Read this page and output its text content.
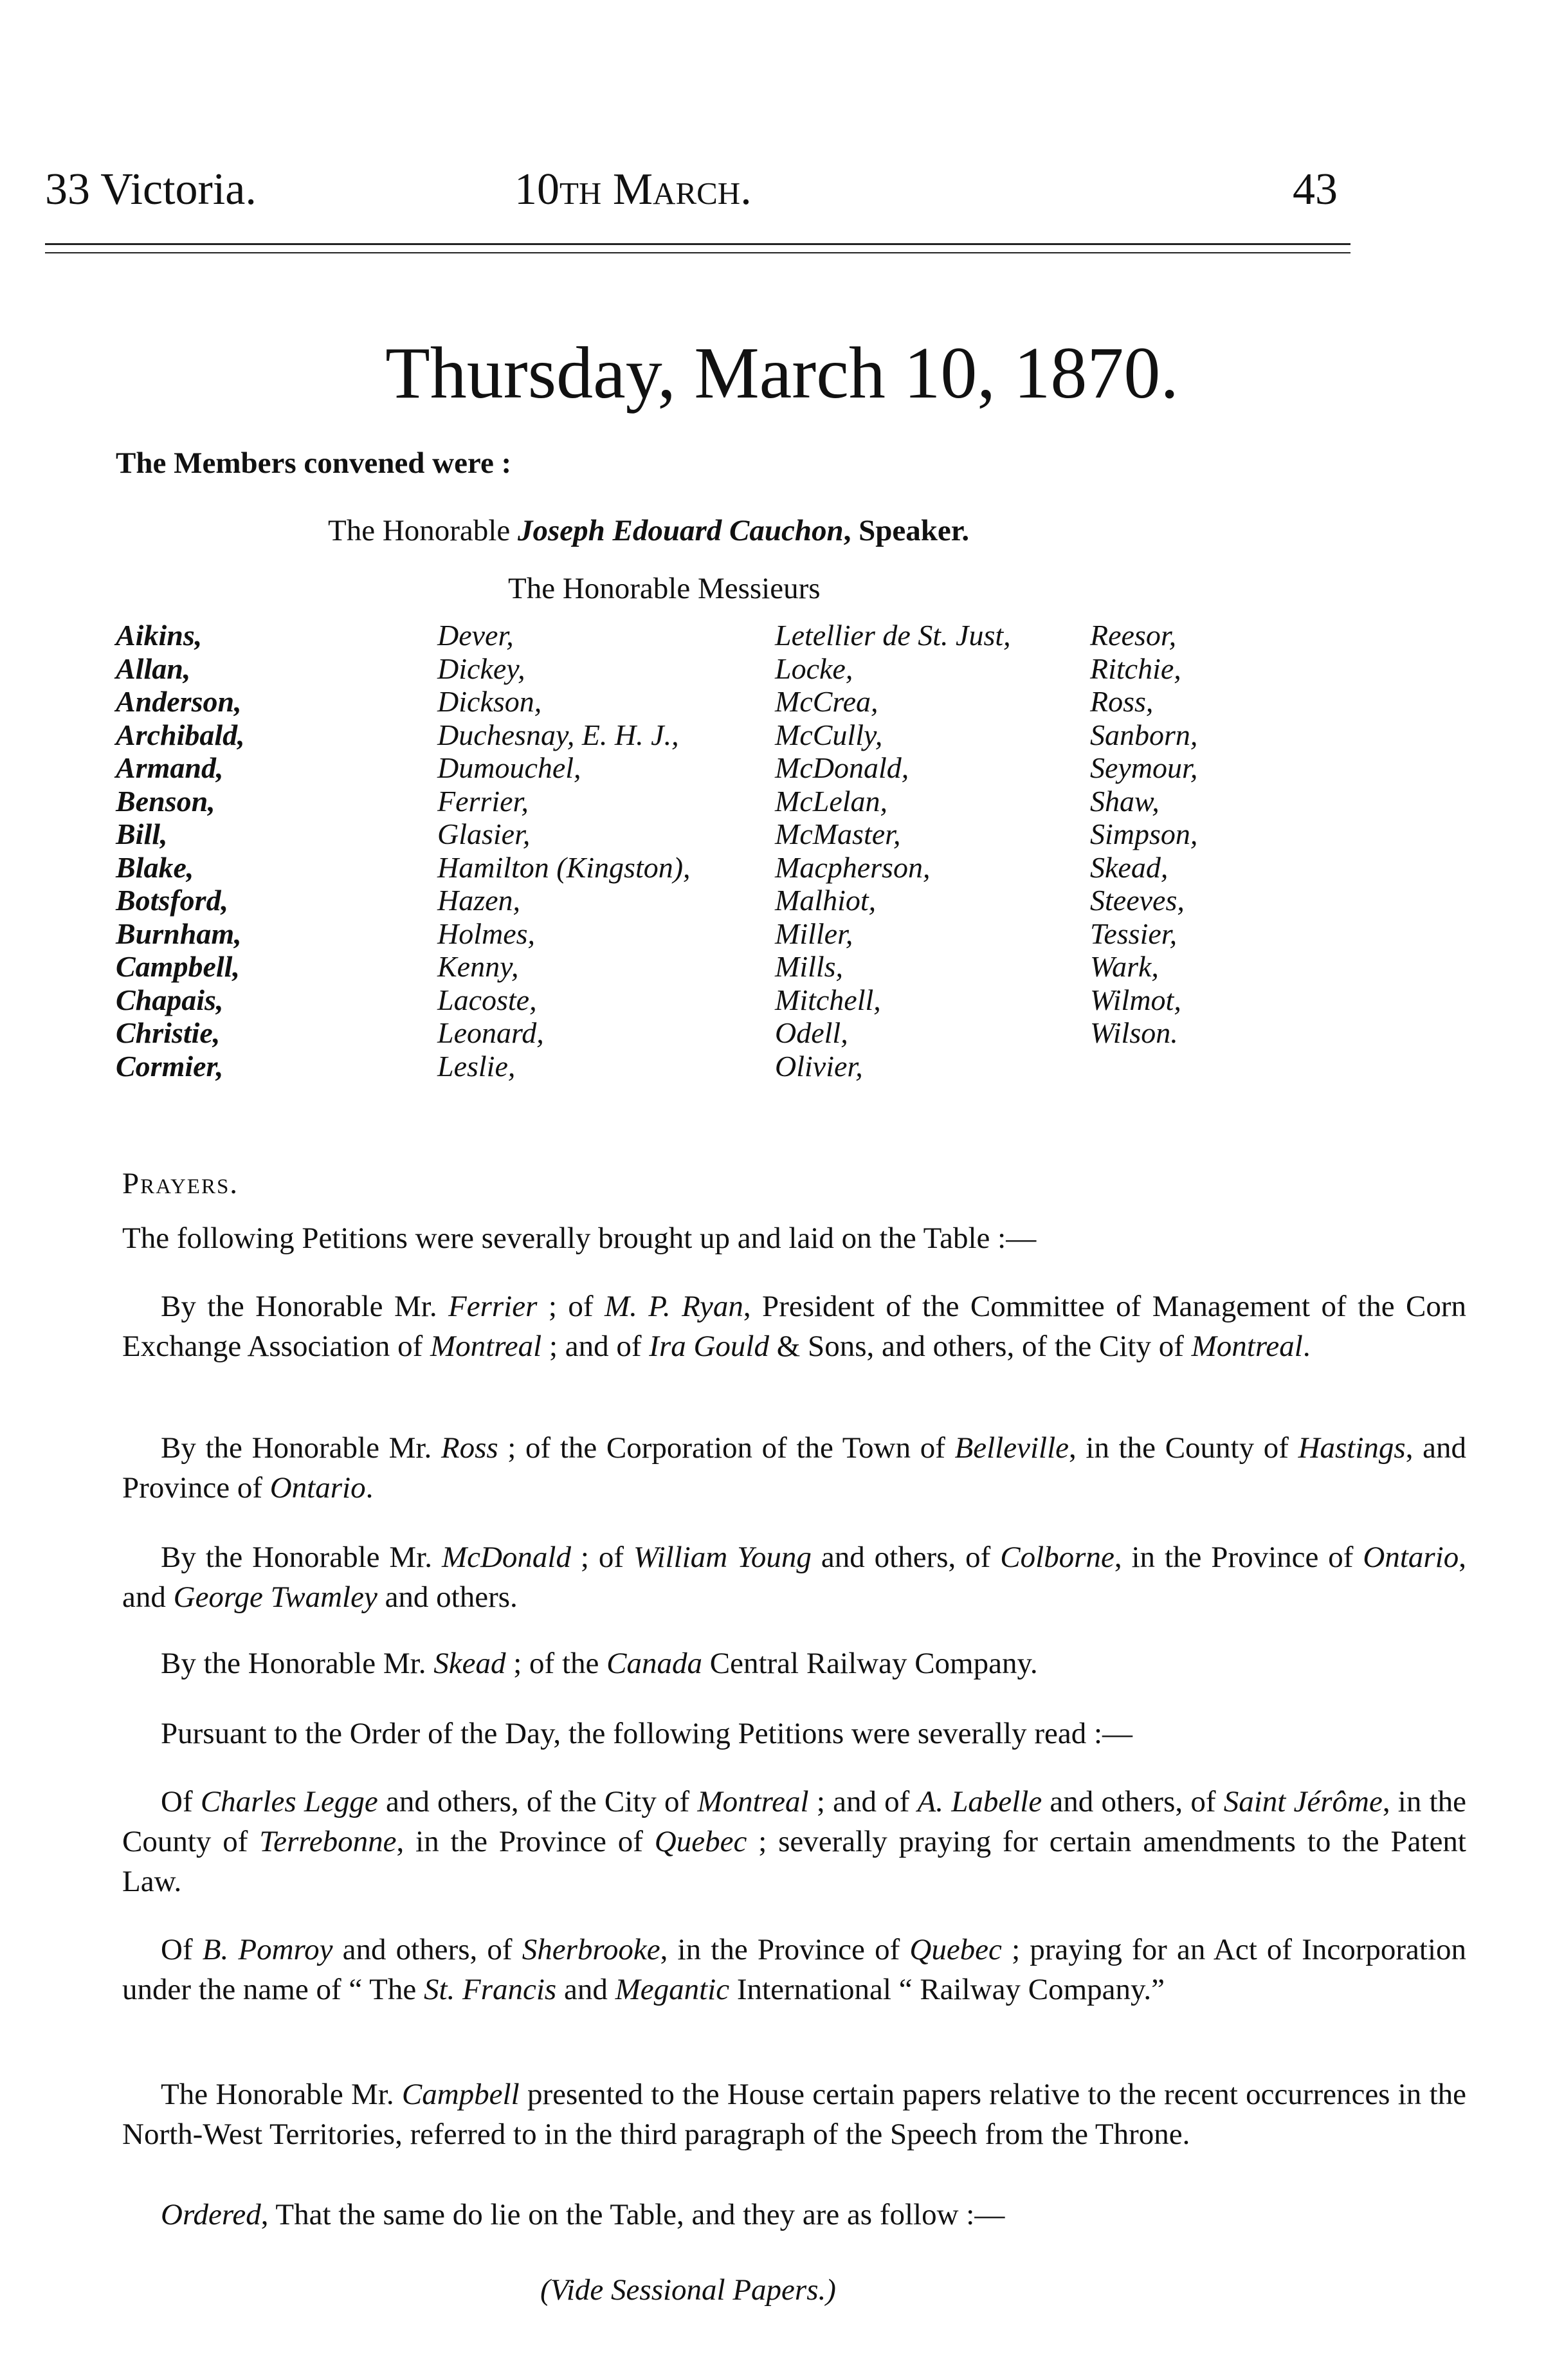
33 Victoria.	10th March.	43
Thursday, March 10, 1870.
The Members convened were :
The Honorable Joseph Edouard Cauchon, Speaker.
The Honorable Messieurs
Aikins,
Allan,
Anderson,
Archibald,
Armand,
Benson,
Bill,
Blake,
Botsford,
Burnham,
Campbell,
Chapais,
Christie,
Cormier,
Dever,
Dickey,
Dickson,
Duchesnay, E. H. J.,
Dumouchel,
Ferrier,
Glasier,
Hamilton (Kingston),
Hazen,
Holmes,
Kenny,
Lacoste,
Leonard,
Leslie,
Letellier de St. Just,
Locke,
McCrea,
McCully,
McDonald,
McLelan,
McMaster,
Macpherson,
Malhiot,
Miller,
Mills,
Mitchell,
Odell,
Olivier,
Reesor,
Ritchie,
Ross,
Sanborn,
Seymour,
Shaw,
Simpson,
Skead,
Steeves,
Tessier,
Wark,
Wilmot,
Wilson.
Prayers.
The following Petitions were severally brought up and laid on the Table :—
By the Honorable Mr. Ferrier ; of M. P. Ryan, President of the Committee of Management of the Corn Exchange Association of Montreal ; and of Ira Gould & Sons, and others, of the City of Montreal.
By the Honorable Mr. Ross ; of the Corporation of the Town of Belleville, in the County of Hastings, and Province of Ontario.
By the Honorable Mr. McDonald ; of William Young and others, of Colborne, in the Province of Ontario, and George Twamley and others.
By the Honorable Mr. Skead ; of the Canada Central Railway Company.
Pursuant to the Order of the Day, the following Petitions were severally read :—
Of Charles Legge and others, of the City of Montreal ; and of A. Labelle and others, of Saint Jérôme, in the County of Terrebonne, in the Province of Quebec ; severally praying for certain amendments to the Patent Law.
Of B. Pomroy and others, of Sherbrooke, in the Province of Quebec ; praying for an Act of Incorporation under the name of “ The St. Francis and Megantic International “ Railway Company.”
The Honorable Mr. Campbell presented to the House certain papers relative to the recent occurrences in the North-West Territories, referred to in the third paragraph of the Speech from the Throne.
Ordered, That the same do lie on the Table, and they are as follow :—
(Vide Sessional Papers.)
